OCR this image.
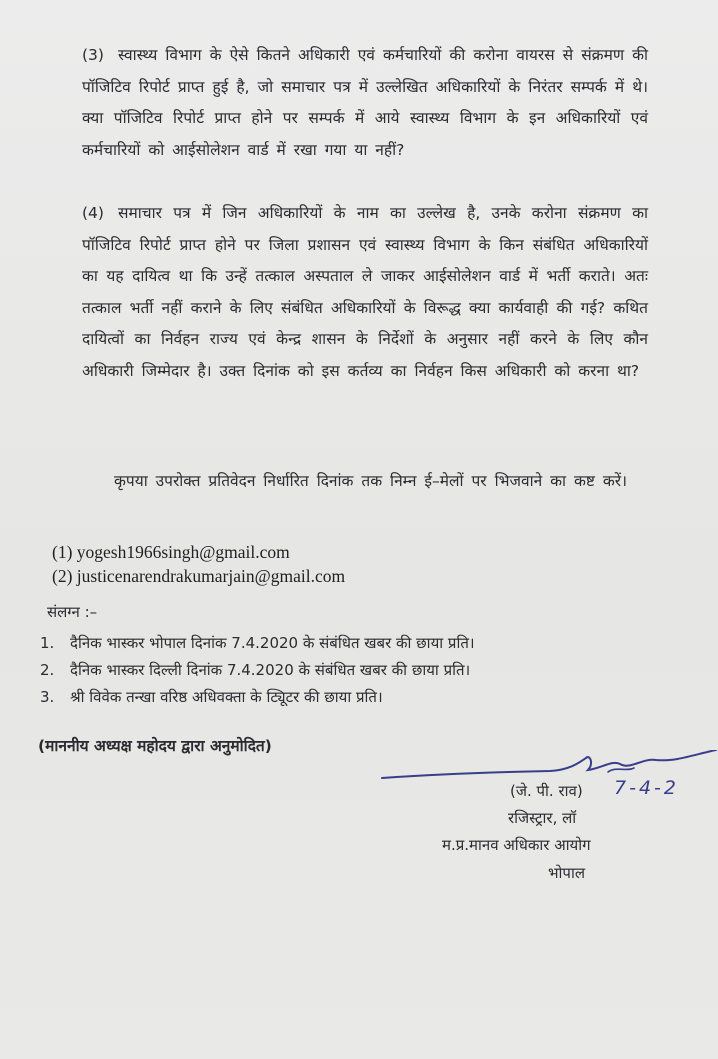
(3) स्वास्थ्य विभाग के ऐसे कितने अधिकारी एवं कर्मचारियों की करोना वायरस से संक्रमण की पॉजिटिव रिपोर्ट प्राप्त हुई है, जो समाचार पत्र में उल्लेखित अधिकारियों के निरंतर सम्पर्क में थे। क्या पॉजिटिव रिपोर्ट प्राप्त होने पर सम्पर्क में आये स्वास्थ्य विभाग के इन अधिकारियों एवं कर्मचारियों को आईसोलेशन वार्ड में रखा गया या नहीं?
(4) समाचार पत्र में जिन अधिकारियों के नाम का उल्लेख है, उनके करोना संक्रमण का पॉजिटिव रिपोर्ट प्राप्त होने पर जिला प्रशासन एवं स्वास्थ्य विभाग के किन संबंधित अधिकारियों का यह दायित्व था कि उन्हें तत्काल अस्पताल ले जाकर आईसोलेशन वार्ड में भर्ती कराते। अतः तत्काल भर्ती नहीं कराने के लिए संबंधित अधिकारियों के विरूद्ध क्या कार्यवाही की गई? कथित दायित्वों का निर्वहन राज्य एवं केन्द्र शासन के निर्देशों के अनुसार नहीं करने के लिए कौन अधिकारी जिम्मेदार है। उक्त दिनांक को इस कर्तव्य का निर्वहन किस अधिकारी को करना था?
कृपया उपरोक्त प्रतिवेदन निर्धारित दिनांक तक निम्न ई–मेलों पर भिजवाने का कष्ट करें।
(1) yogesh1966singh@gmail.com
(2) justicenarendrakumarjain@gmail.com
संलग्न :–
1. दैनिक भास्कर भोपाल दिनांक 7.4.2020 के संबंधित खबर की छाया प्रति।
2. दैनिक भास्कर दिल्ली दिनांक 7.4.2020 के संबंधित खबर की छाया प्रति।
3. श्री विवेक तन्खा वरिष्ठ अधिवक्ता के ट्यिूटर की छाया प्रति।
(माननीय अध्यक्ष महोदय द्वारा अनुमोदित)
(जे. पी. राव) 7-4-2
रजिस्ट्रार, लॉ
म.प्र.मानव अधिकार आयोग
भोपाल
